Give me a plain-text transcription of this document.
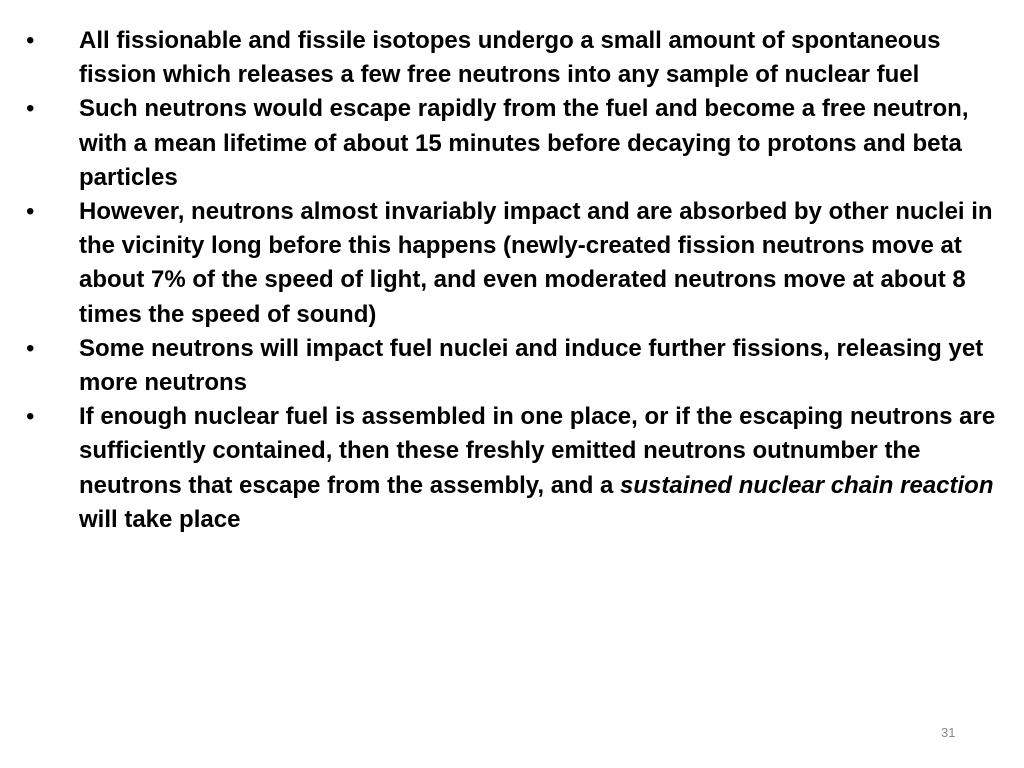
•	All fissionable and fissile isotopes undergo a small amount of spontaneous fission which releases a few free neutrons into any sample of nuclear fuel
•	Such neutrons would escape rapidly from the fuel and become a free neutron, with a mean lifetime of about 15 minutes before decaying to protons and beta particles
•	However, neutrons almost invariably impact and are absorbed by other nuclei in the vicinity long before this happens (newly-created fission neutrons move at about 7% of the speed of light, and even moderated neutrons move at about 8 times the speed of sound)
•	Some neutrons will impact fuel nuclei and induce further fissions, releasing yet more neutrons
•	If enough nuclear fuel is assembled in one place, or if the escaping neutrons are sufficiently contained, then these freshly emitted neutrons outnumber the neutrons that escape from the assembly, and a sustained nuclear chain reaction will take place
31
